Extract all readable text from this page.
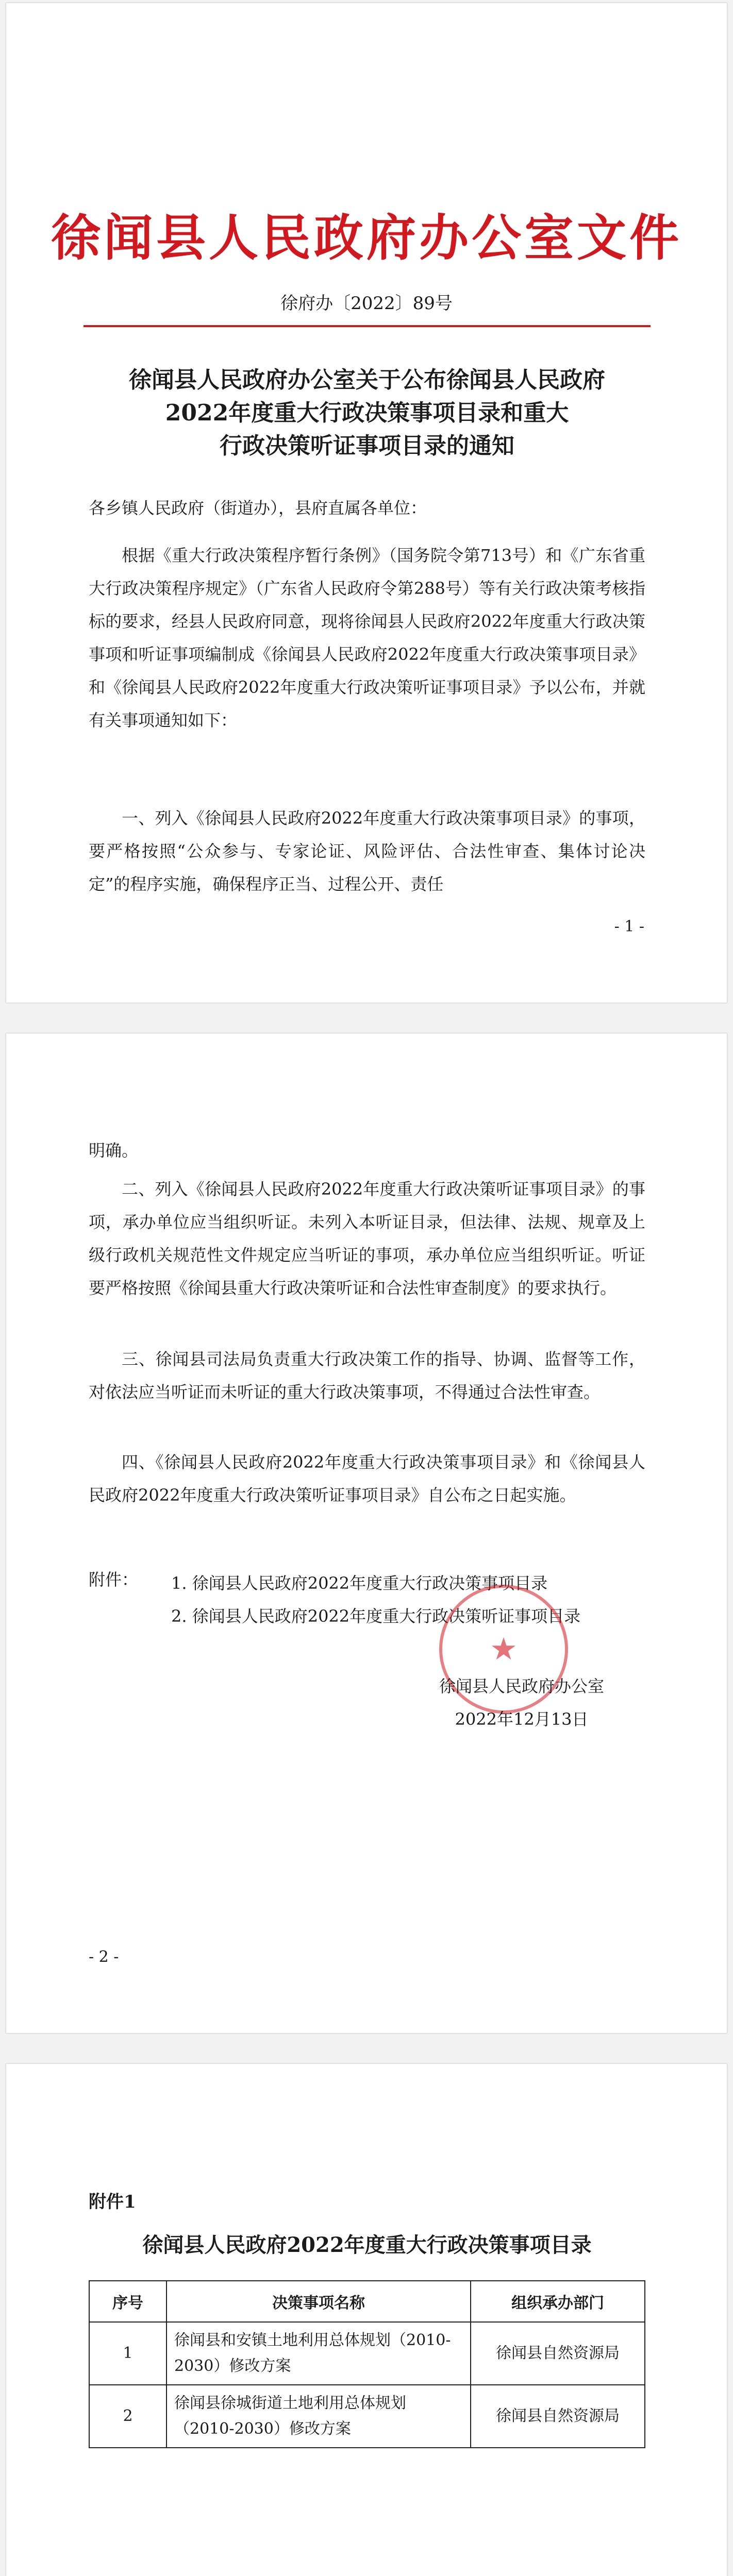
徐闻县人民政府办公室文件
徐府办〔2022〕89号
徐闻县人民政府办公室关于公布徐闻县人民政府
2022年度重大行政决策事项目录和重大
行政决策听证事项目录的通知
各乡镇人民政府（街道办），县府直属各单位：
根据《重大行政决策程序暂行条例》（国务院令第713号）和《广东省重大行政决策程序规定》（广东省人民政府令第288号）等有关行政决策考核指标的要求，经县人民政府同意，现将徐闻县人民政府2022年度重大行政决策事项和听证事项编制成《徐闻县人民政府2022年度重大行政决策事项目录》和《徐闻县人民政府2022年度重大行政决策听证事项目录》予以公布，并就有关事项通知如下：
一、列入《徐闻县人民政府2022年度重大行政决策事项目录》的事项，要严格按照“公众参与、专家论证、风险评估、合法性审查、集体讨论决定”的程序实施，确保程序正当、过程公开、责任
- 1 -
明确。
二、列入《徐闻县人民政府2022年度重大行政决策听证事项目录》的事项，承办单位应当组织听证。未列入本听证目录，但法律、法规、规章及上级行政机关规范性文件规定应当听证的事项，承办单位应当组织听证。听证要严格按照《徐闻县重大行政决策听证和合法性审查制度》的要求执行。
三、徐闻县司法局负责重大行政决策工作的指导、协调、监督等工作，对依法应当听证而未听证的重大行政决策事项，不得通过合法性审查。
四、《徐闻县人民政府2022年度重大行政决策事项目录》和《徐闻县人民政府2022年度重大行政决策听证事项目录》自公布之日起实施。
附件： 1. 徐闻县人民政府2022年度重大行政决策事项目录
2. 徐闻县人民政府2022年度重大行政决策听证事项目录
★
徐闻县人民政府办公室
2022年12月13日
- 2 -
附件1
徐闻县人民政府2022年度重大行政决策事项目录
序号	决策事项名称	组织承办部门
1	徐闻县和安镇土地利用总体规划（2010-2030）修改方案	徐闻县自然资源局
2	徐闻县徐城街道土地利用总体规划（2010-2030）修改方案	徐闻县自然资源局
